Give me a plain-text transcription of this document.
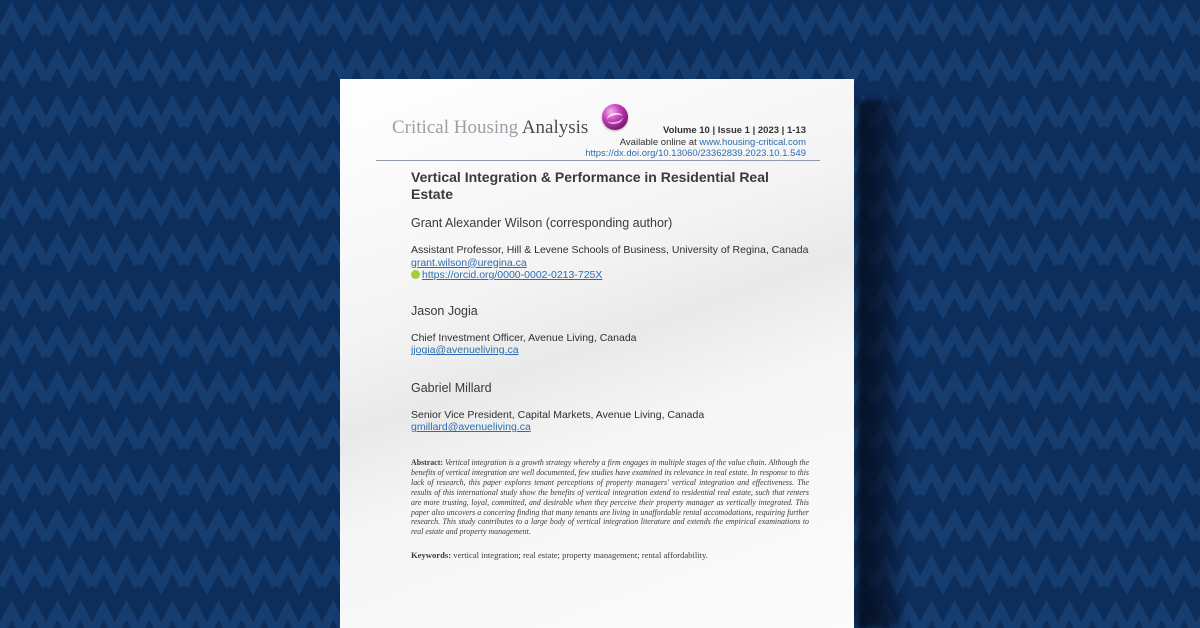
Critical Housing Analysis	Volume 10 | Issue 1 | 2023 | 1-13
Available online at www.housing-critical.com
https://dx.doi.org/10.13060/23362839.2023.10.1.549
Vertical Integration & Performance in Residential Real Estate
Grant Alexander Wilson (corresponding author)
Assistant Professor, Hill & Levene Schools of Business, University of Regina, Canada
grant.wilson@uregina.ca
https://orcid.org/0000-0002-0213-725X
Jason Jogia
Chief Investment Officer, Avenue Living, Canada
jjogia@avenueliving.ca
Gabriel Millard
Senior Vice President, Capital Markets, Avenue Living, Canada
gmillard@avenueliving.ca
Abstract: Vertical integration is a growth strategy whereby a firm engages in multiple stages of the value chain. Although the benefits of vertical integration are well documented, few studies have examined its relevance in real estate. In response to this lack of research, this paper explores tenant perceptions of property managers' vertical integration and effectiveness. The results of this international study show the benefits of vertical integration extend to residential real estate, such that renters are more trusting, loyal, committed, and desirable when they perceive their property manager as vertically integrated. This paper also uncovers a concering finding that many tenants are living in unaffordable rental accomodations, requiring further research. This study contributes to a large body of vertical integration literature and extends the empirical examinations to real estate and property management.
Keywords: vertical integration; real estate; property management; rental affordability.
